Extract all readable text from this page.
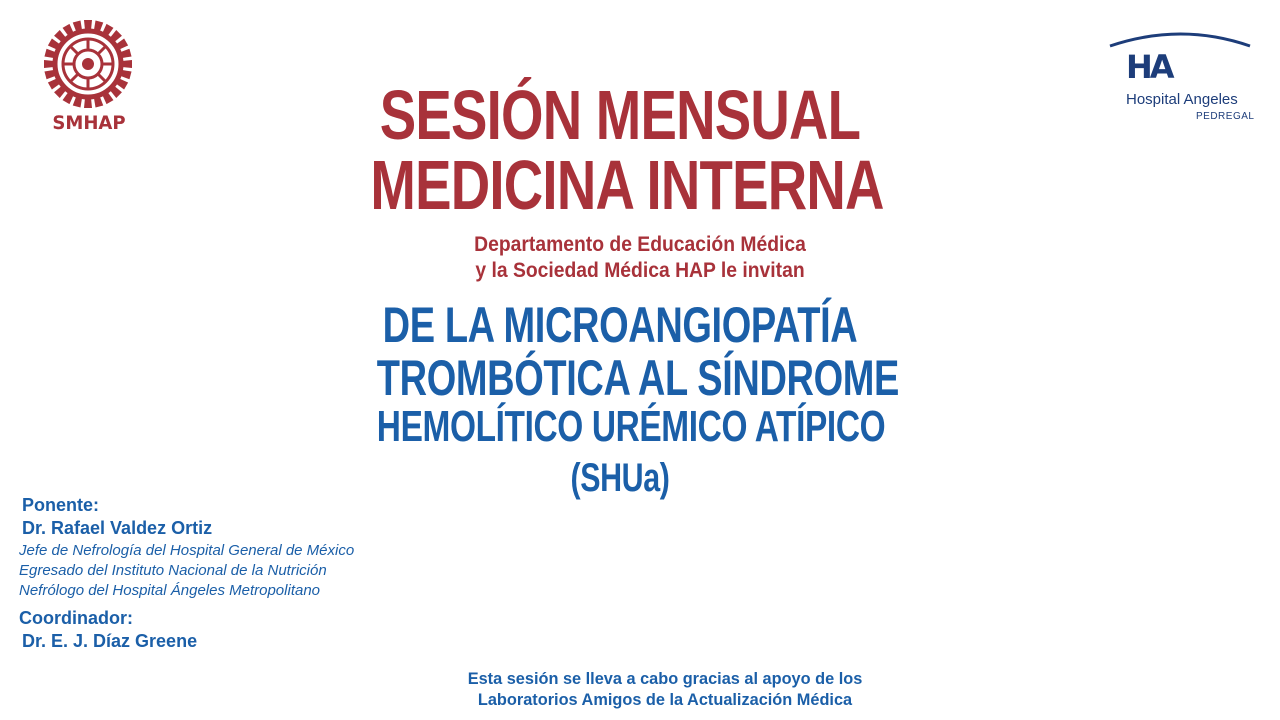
SMHAP
HA
Hospital Angeles
PEDREGAL
SESIÓN MENSUAL
MEDICINA INTERNA
Departamento de Educación Médica
y la Sociedad Médica HAP le invitan
DE LA MICROANGIOPATÍA
TROMBÓTICA AL SÍNDROME
HEMOLÍTICO URÉMICO ATÍPICO
(SHUa)
Ponente:
Dr. Rafael Valdez Ortiz
Jefe de Nefrología del Hospital General de México
Egresado del Instituto Nacional de la Nutrición
Nefrólogo del Hospital Ángeles Metropolitano
Coordinador:
Dr. E. J. Díaz Greene
Esta sesión se lleva a cabo gracias al apoyo de los
Laboratorios Amigos de la Actualización Médica
